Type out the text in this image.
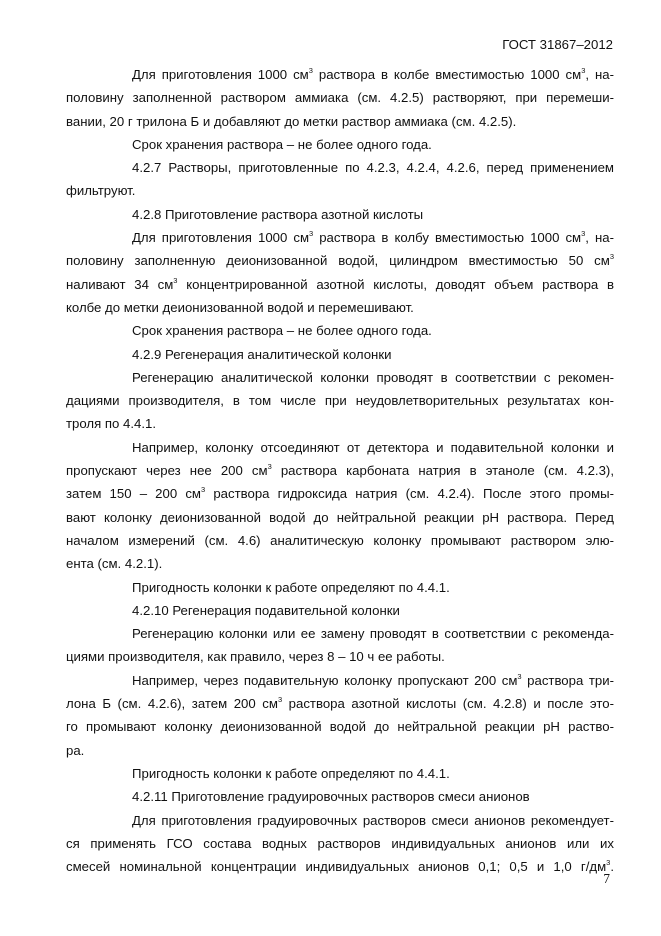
ГОСТ 31867–2012

Для приготовления 1000 $см^3$ раствора в колбе вместимостью 1000 $см^3$, на-
половину заполненной раствором аммиака (см. 4.2.5) растворяют, при перемеши-
вании, 20 г трилона Б и добавляют до метки раствор аммиака (см. 4.2.5).

Срок хранения раствора – не более одного года.

4.2.7 Растворы, приготовленные по 4.2.3, 4.2.4, 4.2.6, перед применением
фильтруют.

4.2.8 Приготовление раствора азотной кислоты

Для приготовления 1000 $см^3$ раствора в колбу вместимостью 1000 $см^3$, на-
половину заполненную деионизованной водой, цилиндром вместимостью 50 $см^3$
наливают 34 $см^3$ концентрированной азотной кислоты, доводят объем раствора в
колбе до метки деионизованной водой и перемешивают.

Срок хранения раствора – не более одного года.

4.2.9 Регенерация аналитической колонки

Регенерацию аналитической колонки проводят в соответствии с рекомен-
дациями производителя, в том числе при неудовлетворительных результатах кон-
троля по 4.4.1.

Например, колонку отсоединяют от детектора и подавительной колонки и
пропускают через нее 200 $см^3$ раствора карбоната натрия в этаноле (см. 4.2.3),
затем 150 – 200 $см^3$ раствора гидроксида натрия (см. 4.2.4). После этого промы-
вают колонку деионизованной водой до нейтральной реакции pH раствора. Перед
началом измерений (см. 4.6) аналитическую колонку промывают раствором элю-
ента (см. 4.2.1).

Пригодность колонки к работе определяют по 4.4.1.

4.2.10 Регенерация подавительной колонки

Регенерацию колонки или ее замену проводят в соответствии с рекоменда-
циями производителя, как правило, через 8 – 10 ч ее работы.

Например, через подавительную колонку пропускают 200 $см^3$ раствора три-
лона Б (см. 4.2.6), затем 200 $см^3$ раствора азотной кислоты (см. 4.2.8) и после это-
го промывают колонку деионизованной водой до нейтральной реакции pH раство-
ра.

Пригодность колонки к работе определяют по 4.4.1.

4.2.11 Приготовление градуировочных растворов смеси анионов

Для приготовления градуировочных растворов смеси анионов рекомендует-
ся применять ГСО состава водных растворов индивидуальных анионов или их
смесей номинальной концентрации индивидуальных анионов 0,1; 0,5 и 1,0 $г/дм^3$.

7
